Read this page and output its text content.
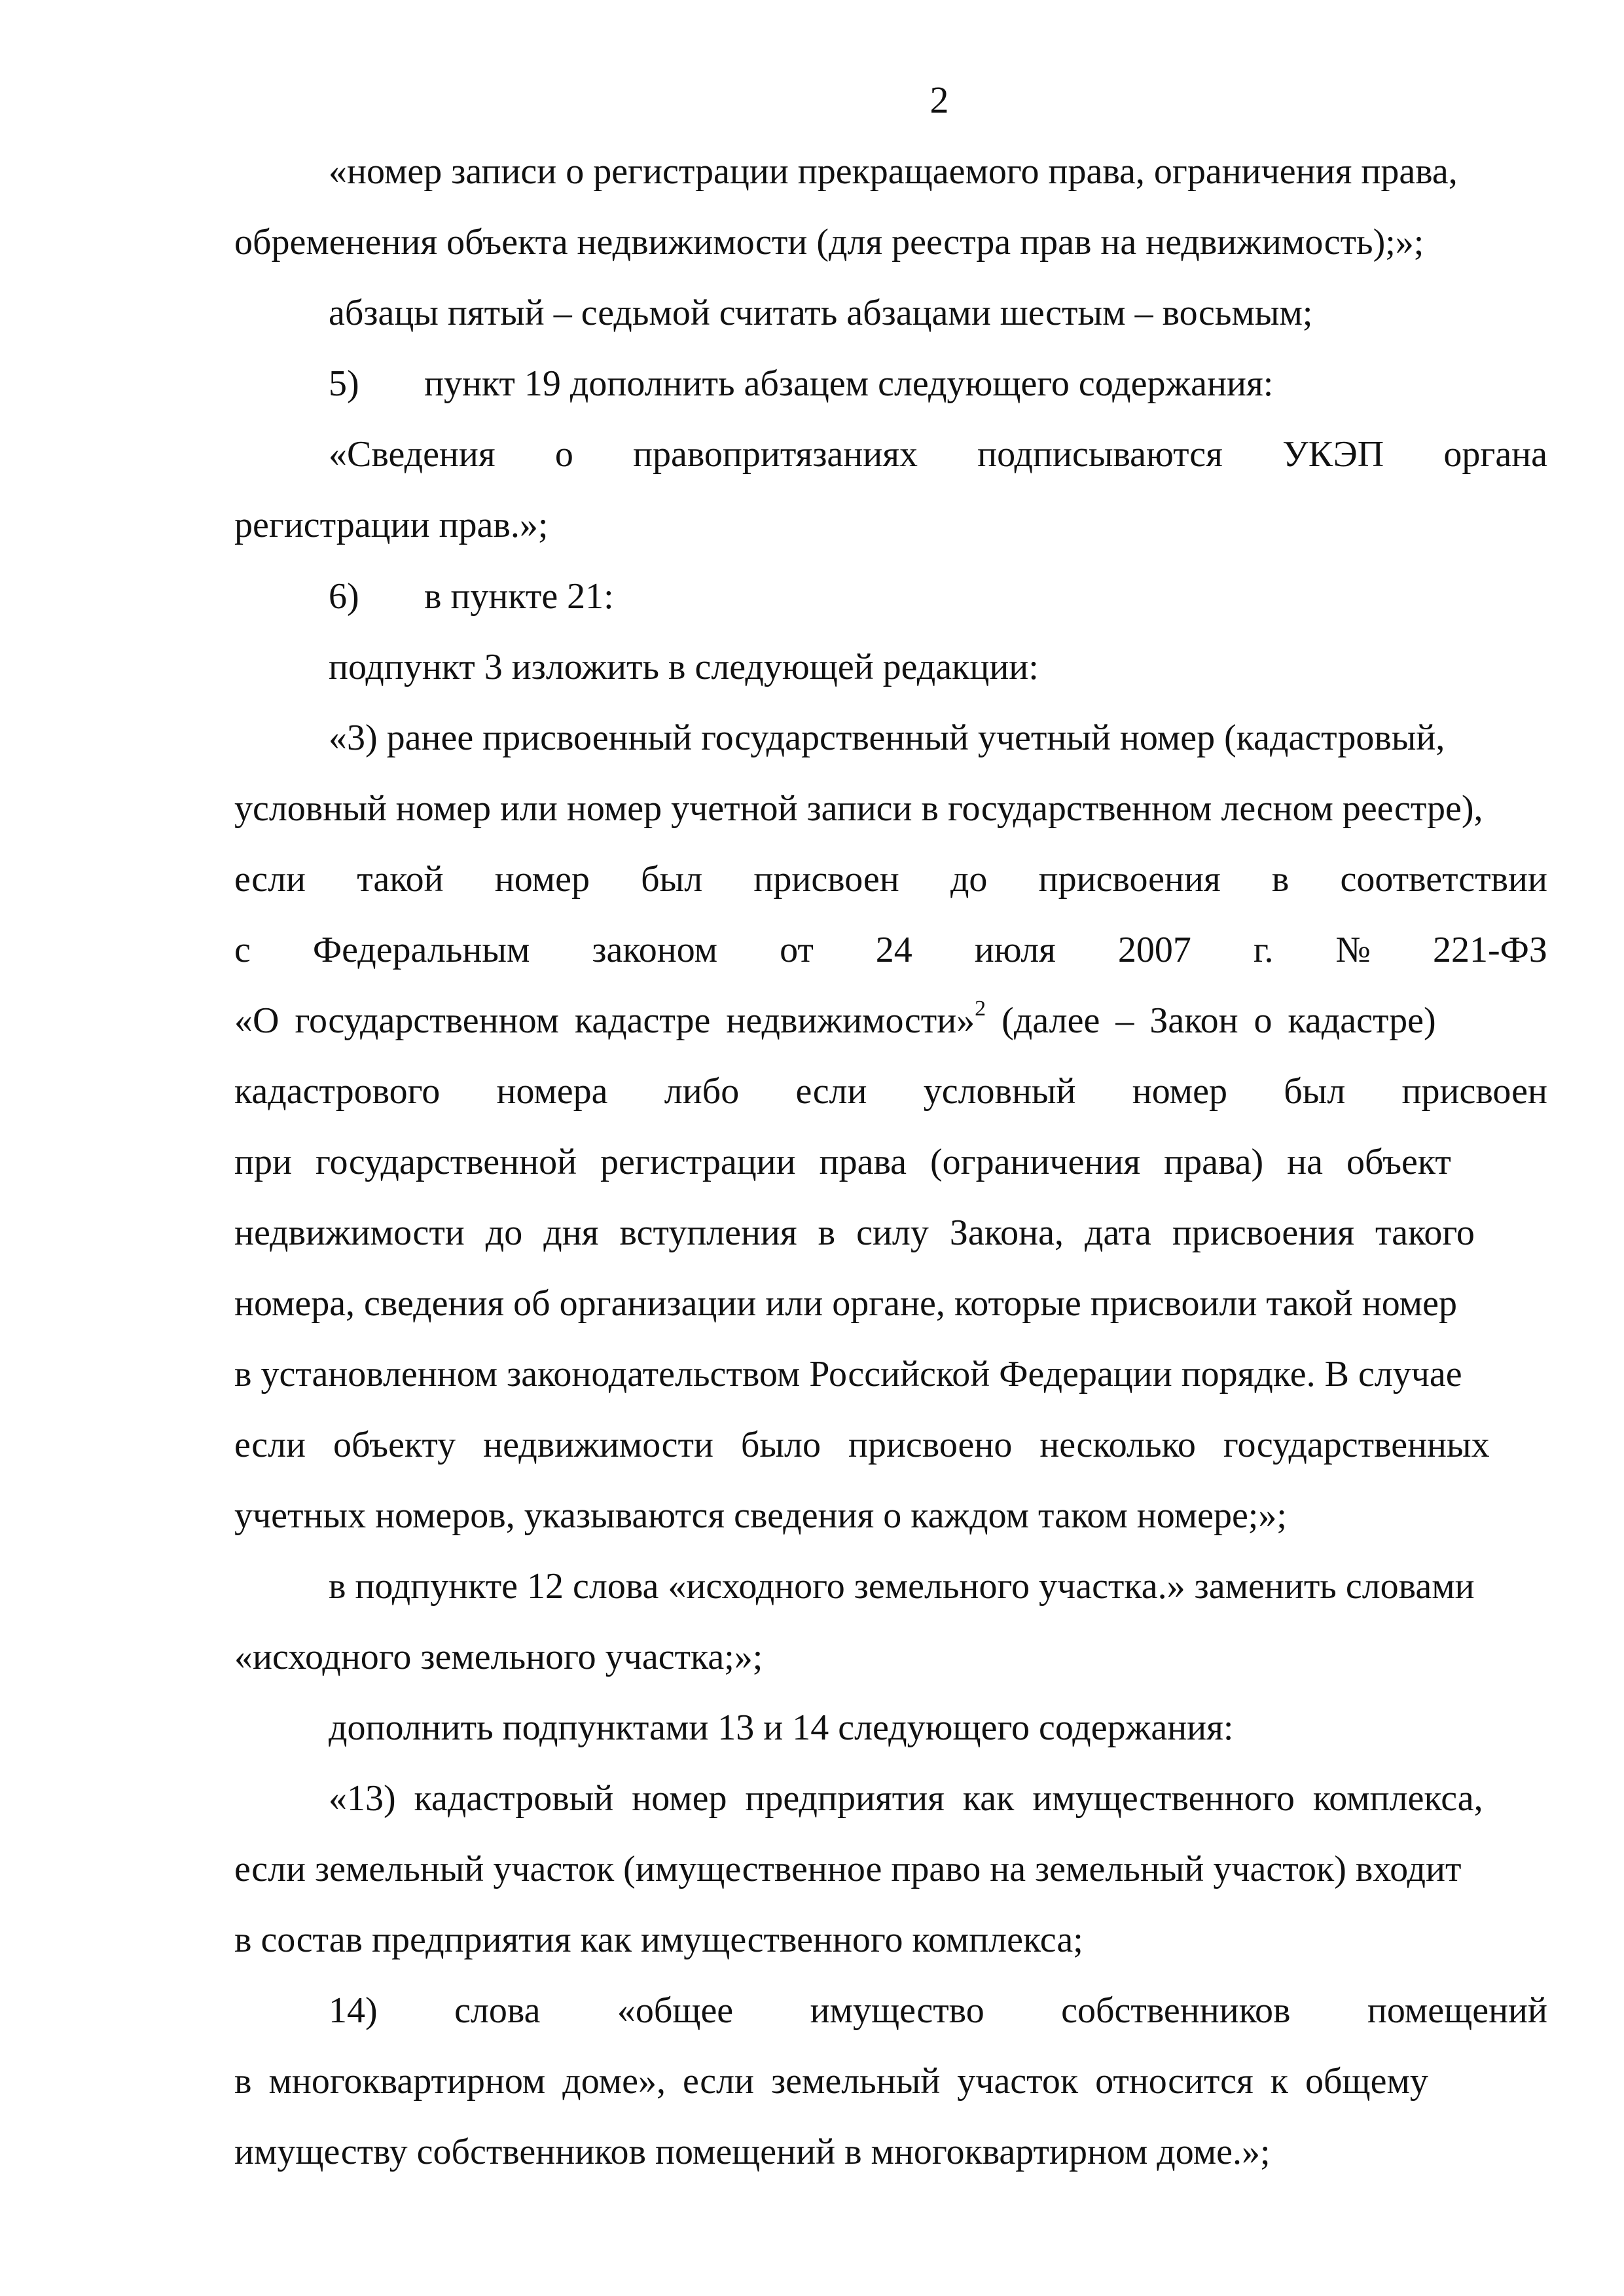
2
«номер записи о регистрации прекращаемого права, ограничения права,
обременения объекта недвижимости (для реестра прав на недвижимость);»;
абзацы пятый – седьмой считать абзацами шестым – восьмым;
5) пункт 19 дополнить абзацем следующего содержания:
«Сведения о правопритязаниях подписываются УКЭП органа
регистрации прав.»;
6) в пункте 21:
подпункт 3 изложить в следующей редакции:
«3) ранее присвоенный государственный учетный номер (кадастровый,
условный номер или номер учетной записи в государственном лесном реестре),
если такой номер был присвоен до присвоения в соответствии
с Федеральным законом от 24 июля 2007 г. № 221-ФЗ
«О государственном кадастре недвижимости»$^2$ (далее – Закон о кадастре)
кадастрового номера либо если условный номер был присвоен
при государственной регистрации права (ограничения права) на объект
недвижимости до дня вступления в силу Закона, дата присвоения такого
номера, сведения об организации или органе, которые присвоили такой номер
в установленном законодательством Российской Федерации порядке. В случае
если объекту недвижимости было присвоено несколько государственных
учетных номеров, указываются сведения о каждом таком номере;»;
в подпункте 12 слова «исходного земельного участка.» заменить словами
«исходного земельного участка;»;
дополнить подпунктами 13 и 14 следующего содержания:
«13) кадастровый номер предприятия как имущественного комплекса,
если земельный участок (имущественное право на земельный участок) входит
в состав предприятия как имущественного комплекса;
14) слова «общее имущество собственников помещений
в многоквартирном доме», если земельный участок относится к общему
имуществу собственников помещений в многоквартирном доме.»;
